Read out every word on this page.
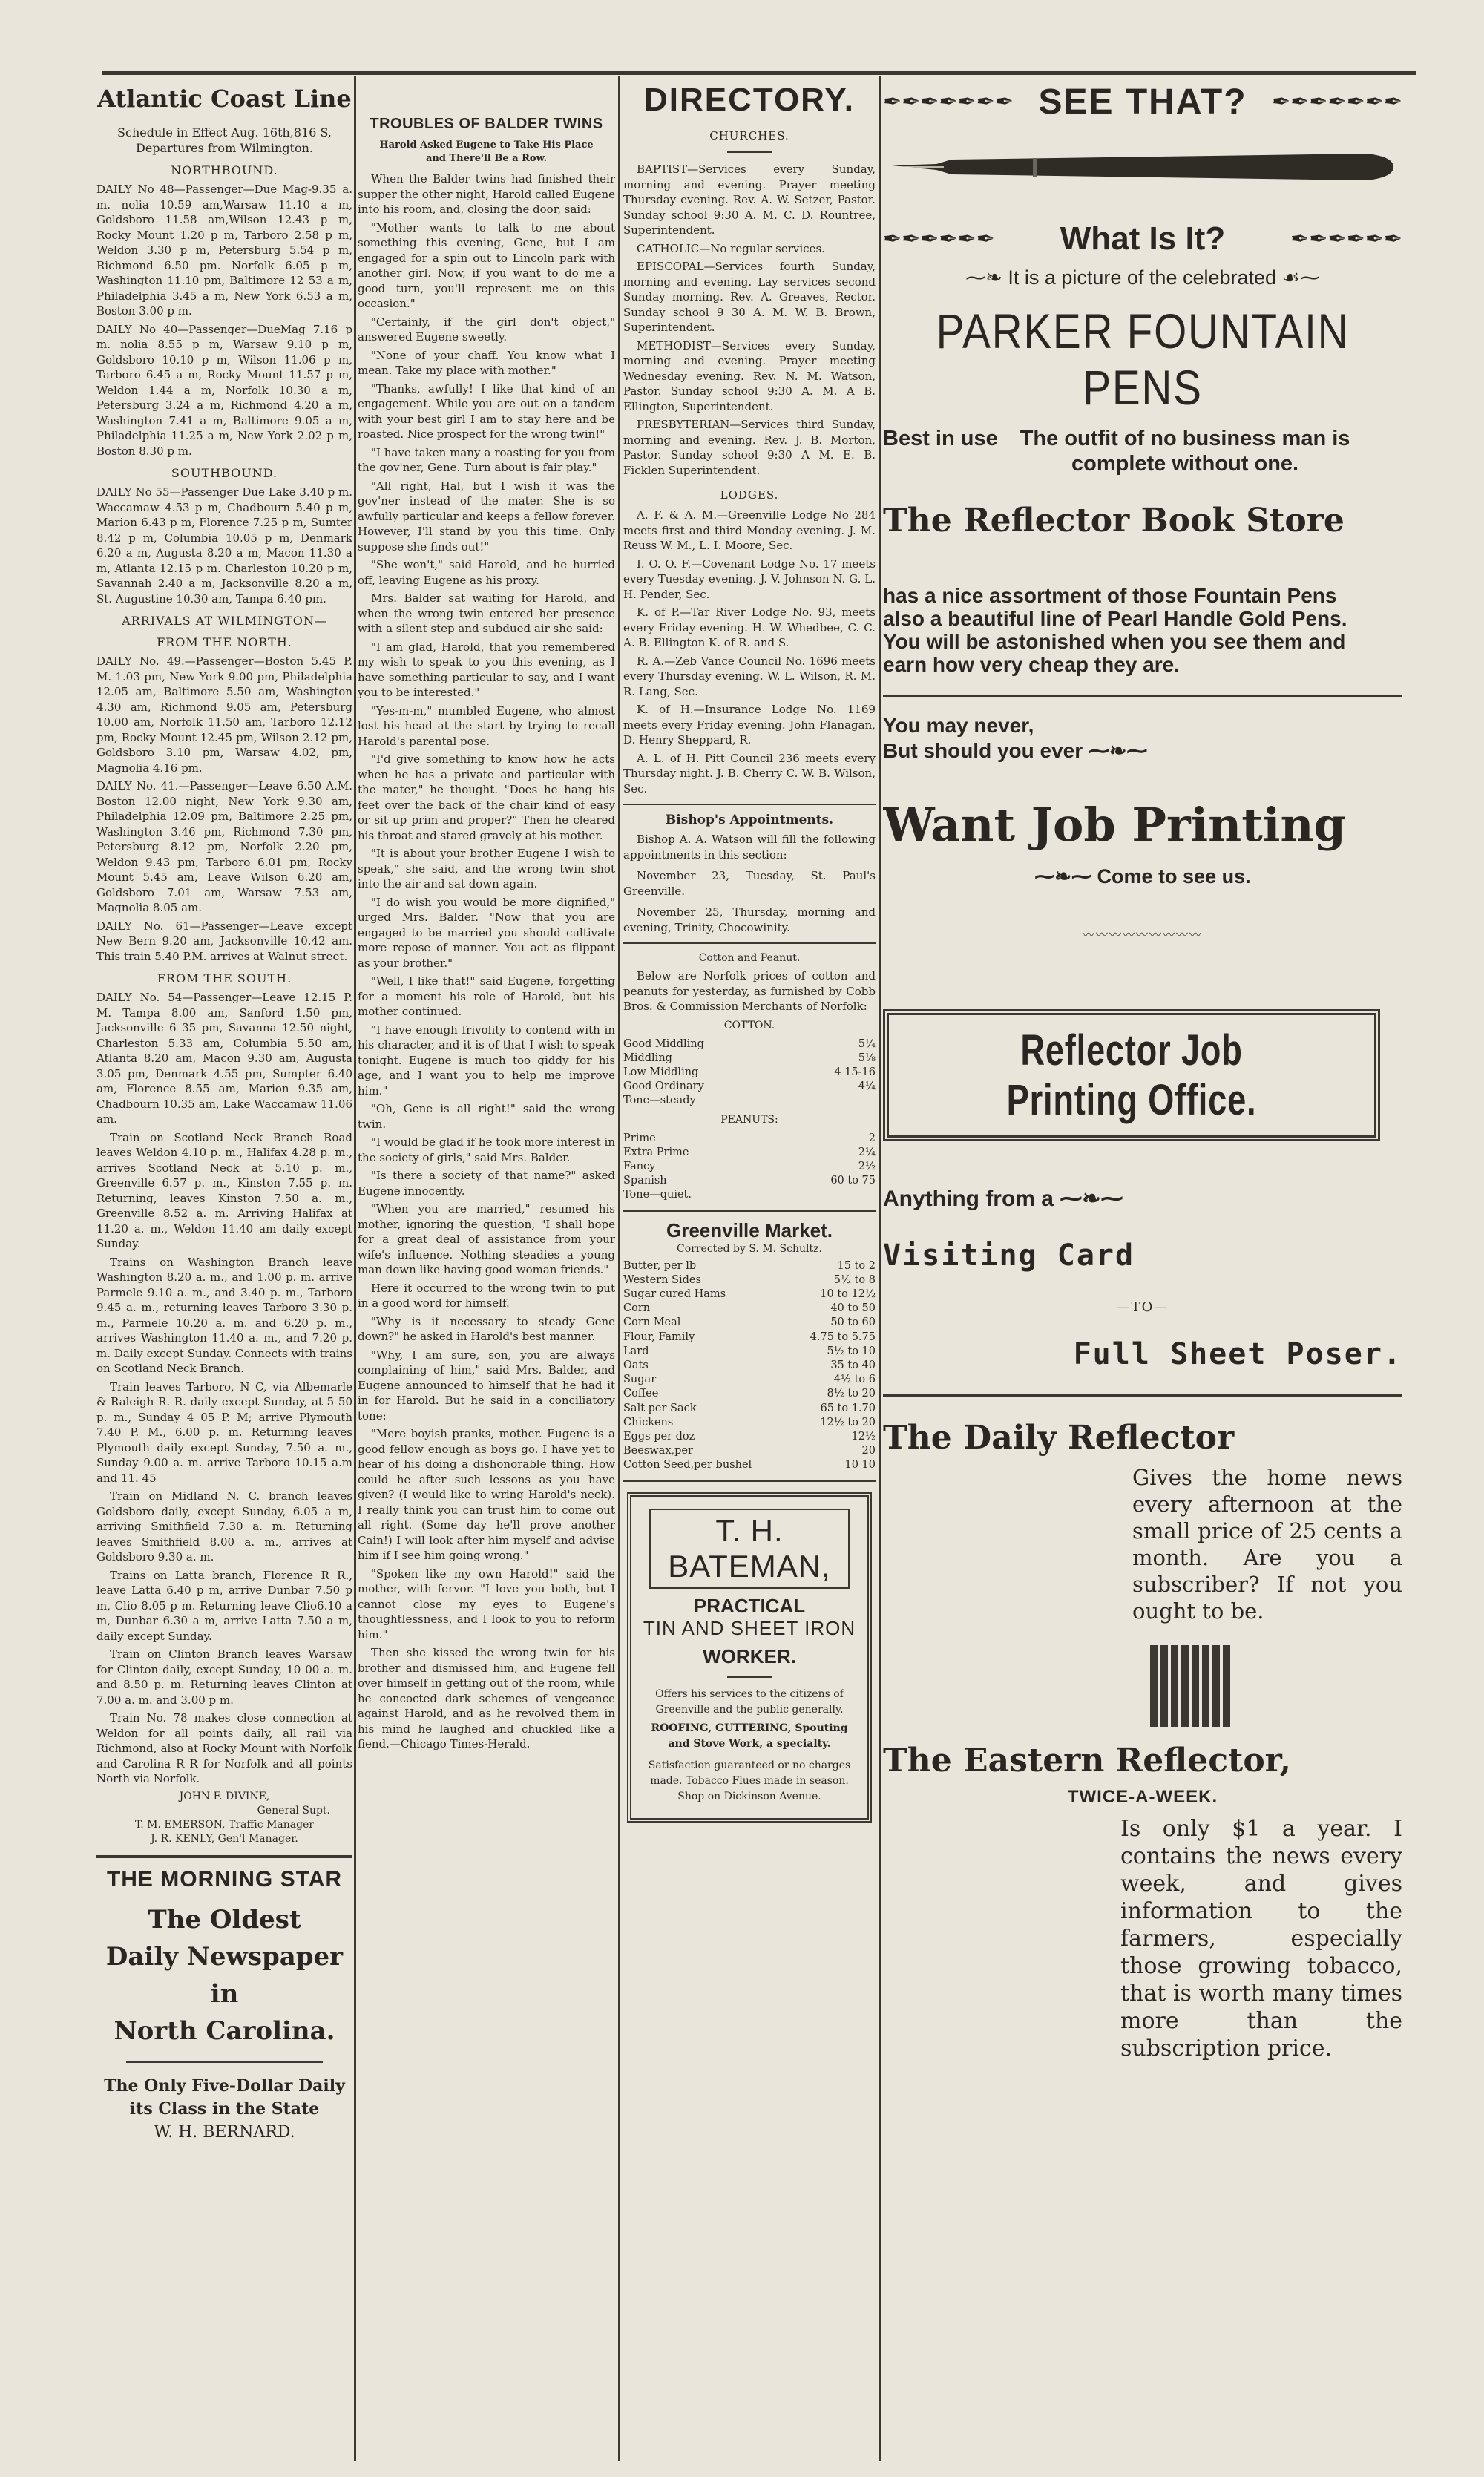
Atlantic Coast Line
Schedule in Effect Aug. 16th,816 S,
Departures from Wilmington.
NORTHBOUND.

DAILY No 48—Passenger—Due Mag-9.35 a. m. nolia 10.59 am,Warsaw 11.10 a m, Goldsboro 11.58 am,Wilson 12.43 p m, Rocky Mount 1.20 p m, Tarboro 2.58 p m, Weldon 3.30 p m, Petersburg 5.54 p m, Richmond 6.50 pm. Norfolk 6.05 p m, Washington 11.10 pm, Baltimore 12 53 a m, Philadelphia 3.45 a m, New York 6.53 a m, Boston 3.00 p m.

DAILY No 40—Passenger—DueMag 7.16 p m. nolia 8.55 p m, Warsaw 9.10 p m, Goldsboro 10.10 p m, Wilson 11.06 p m, Tarboro 6.45 a m, Rocky Mount 11.57 p m, Weldon 1.44 a m, Norfolk 10.30 a m, Petersburg 3.24 a m, Richmond 4.20 a m, Washington 7.41 a m, Baltimore 9.05 a m, Philadelphia 11.25 a m, New York 2.02 p m, Boston 8.30 p m.

SOUTHBOUND.

DAILY No 55—Passenger Due Lake 3.40 p m. Waccamaw 4.53 p m, Chadbourn 5.40 p m, Marion 6.43 p m, Florence 7.25 p m, Sumter 8.42 p m, Columbia 10.05 p m, Denmark 6.20 a m, Augusta 8.20 a m, Macon 11.30 a m, Atlanta 12.15 p m. Charleston 10.20 p m, Savannah 2.40 a m, Jacksonville 8.20 a m, St. Augustine 10.30 am, Tampa 6.40 pm.

ARRIVALS AT WILMINGTON—
FROM THE NORTH.

DAILY No. 49.—Passenger—Boston 5.45 P. M. 1.03 pm, New York 9.00 pm, Philadelphia 12.05 am, Baltimore 5.50 am, Washington 4.30 am, Richmond 9.05 am, Petersburg 10.00 am, Norfolk 11.50 am, Tarboro 12.12 pm, Rocky Mount 12.45 pm, Wilson 2.12 pm, Goldsboro 3.10 pm, Warsaw 4.02, pm, Magnolia 4.16 pm.

DAILY No. 41.—Passenger—Leave 6.50 A.M. Boston 12.00 night, New York 9.30 am, Philadelphia 12.09 pm, Baltimore 2.25 pm, Washington 3.46 pm, Richmond 7.30 pm, Petersburg 8.12 pm, Norfolk 2.20 pm, Weldon 9.43 pm, Tarboro 6.01 pm, Rocky Mount 5.45 am, Leave Wilson 6.20 am, Goldsboro 7.01 am, Warsaw 7.53 am, Magnolia 8.05 am.

DAILY No. 61—Passenger—Leave except New Bern 9.20 am, Jacksonville 10.42 am. This train 5.40 P.M. arrives at Walnut street.

FROM THE SOUTH.

DAILY No. 54—Passenger—Leave 12.15 P. M. Tampa 8.00 am, Sanford 1.50 pm, Jacksonville 6 35 pm, Savanna 12.50 night, Charleston 5.33 am, Columbia 5.50 am, Atlanta 8.20 am, Macon 9.30 am, Augusta 3.05 pm, Denmark 4.55 pm, Sumpter 6.40 am, Florence 8.55 am, Marion 9.35 am, Chadbourn 10.35 am, Lake Waccamaw 11.06 am.

Train on Scotland Neck Branch Road leaves Weldon 4.10 p. m., Halifax 4.28 p. m., arrives Scotland Neck at 5.10 p. m., Greenville 6.57 p. m., Kinston 7.55 p. m. Returning, leaves Kinston 7.50 a. m., Greenville 8.52 a. m. Arriving Halifax at 11.20 a. m., Weldon 11.40 am daily except Sunday.

Trains on Washington Branch leave Washington 8.20 a. m., and 1.00 p. m. arrive Parmele 9.10 a. m., and 3.40 p. m., Tarboro 9.45 a. m., returning leaves Tarboro 3.30 p. m., Parmele 10.20 a. m. and 6.20 p. m., arrives Washington 11.40 a. m., and 7.20 p. m. Daily except Sunday. Connects with trains on Scotland Neck Branch.

Train leaves Tarboro, N C, via Albemarle & Raleigh R. R. daily except Sunday, at 5 50 p. m., Sunday 4 05 P. M; arrive Plymouth 7.40 P. M., 6.00 p. m. Returning leaves Plymouth daily except Sunday, 7.50 a. m., Sunday 9.00 a. m. arrive Tarboro 10.15 a.m and 11. 45

Train on Midland N. C. branch leaves Goldsboro daily, except Sunday, 6.05 a m, arriving Smithfield 7.30 a. m. Returning leaves Smithfield 8.00 a. m., arrives at Goldsboro 9.30 a. m.

Trains on Latta branch, Florence R R., leave Latta 6.40 p m, arrive Dunbar 7.50 p m, Clio 8.05 p m. Returning leave Clio6.10 a m, Dunbar 6.30 a m, arrive Latta 7.50 a m, daily except Sunday.

Train on Clinton Branch leaves Warsaw for Clinton daily, except Sunday, 10 00 a. m. and 8.50 p. m. Returning leaves Clinton at 7.00 a. m. and 3.00 p m.

Train No. 78 makes close connection at Weldon for all points daily, all rail via Richmond, also at Rocky Mount with Norfolk and Carolina R R for Norfolk and all points North via Norfolk.

JOHN F. DIVINE,
General Supt.
T. M. EMERSON, Traffic Manager
J. R. KENLY, Gen'l Manager.
THE MORNING STAR
The Oldest
Daily Newspaper in
North Carolina.
The Only Five-Dollar Daily
its Class in the State
W. H. BERNARD.
TROUBLES OF BALDER TWINS
Harold Asked Eugene to Take His Place
and There'll Be a Row.

When the Balder twins had finished their supper the other night, Harold called Eugene into his room, and, closing the door, said:

"Mother wants to talk to me about something this evening, Gene, but I am engaged for a spin out to Lincoln park with another girl. Now, if you want to do me a good turn, you'll represent me on this occasion."

"Certainly, if the girl don't object," answered Eugene sweetly.

"None of your chaff. You know what I mean. Take my place with mother."

"Thanks, awfully! I like that kind of an engagement. While you are out on a tandem with your best girl I am to stay here and be roasted. Nice prospect for the wrong twin!"

"I have taken many a roasting for you from the gov'ner, Gene. Turn about is fair play."

"All right, Hal, but I wish it was the gov'ner instead of the mater. She is so awfully particular and keeps a fellow forever. However, I'll stand by you this time. Only suppose she finds out!"

"She won't," said Harold, and he hurried off, leaving Eugene as his proxy.

Mrs. Balder sat waiting for Harold, and when the wrong twin entered her presence with a silent step and subdued air she said:

"I am glad, Harold, that you remembered my wish to speak to you this evening, as I have something particular to say, and I want you to be interested."

"Yes-m-m," mumbled Eugene, who almost lost his head at the start by trying to recall Harold's parental pose.

"I'd give something to know how he acts when he has a private and particular with the mater," he thought. "Does he hang his feet over the back of the chair kind of easy or sit up prim and proper?" Then he cleared his throat and stared gravely at his mother.

"It is about your brother Eugene I wish to speak," she said, and the wrong twin shot into the air and sat down again.

"I do wish you would be more dignified," urged Mrs. Balder. "Now that you are engaged to be married you should cultivate more repose of manner. You act as flippant as your brother."

"Well, I like that!" said Eugene, forgetting for a moment his role of Harold, but his mother continued.

"I have enough frivolity to contend with in his character, and it is of that I wish to speak tonight. Eugene is much too giddy for his age, and I want you to help me improve him."

"Oh, Gene is all right!" said the wrong twin.

"I would be glad if he took more interest in the society of girls," said Mrs. Balder.

"Is there a society of that name?" asked Eugene innocently.

"When you are married," resumed his mother, ignoring the question, "I shall hope for a great deal of assistance from your wife's influence. Nothing steadies a young man down like having good woman friends."

Here it occurred to the wrong twin to put in a good word for himself.

"Why is it necessary to steady Gene down?" he asked in Harold's best manner.

"Why, I am sure, son, you are always complaining of him," said Mrs. Balder, and Eugene announced to himself that he had it in for Harold. But he said in a conciliatory tone:

"Mere boyish pranks, mother. Eugene is a good fellow enough as boys go. I have yet to hear of his doing a dishonorable thing. How could he after such lessons as you have given? (I would like to wring Harold's neck). I really think you can trust him to come out all right. (Some day he'll prove another Cain!) I will look after him myself and advise him if I see him going wrong."

"Spoken like my own Harold!" said the mother, with fervor. "I love you both, but I cannot close my eyes to Eugene's thoughtlessness, and I look to you to reform him."

Then she kissed the wrong twin for his brother and dismissed him, and Eugene fell over himself in getting out of the room, while he concocted dark schemes of vengeance against Harold, and as he revolved them in his mind he laughed and chuckled like a fiend.—Chicago Times-Herald.

DIRECTORY.
CHURCHES.

BAPTIST—Services every Sunday, morning and evening. Prayer meeting Thursday evening. Rev. A. W. Setzer, Pastor. Sunday school 9:30 A. M. C. D. Rountree, Superintendent.

CATHOLIC—No regular services.

EPISCOPAL—Services fourth Sunday, morning and evening. Lay services second Sunday morning. Rev. A. Greaves, Rector. Sunday school 9 30 A. M. W. B. Brown, Superintendent.

METHODIST—Services every Sunday, morning and evening. Prayer meeting Wednesday evening. Rev. N. M. Watson, Pastor. Sunday school 9:30 A. M. A B. Ellington, Superintendent.

PRESBYTERIAN—Services third Sunday, morning and evening. Rev. J. B. Morton, Pastor. Sunday school 9:30 A M. E. B. Ficklen Superintendent.

LODGES.

A. F. & A. M.—Greenville Lodge No 284 meets first and third Monday evening. J. M. Reuss W. M., L. I. Moore, Sec.

I. O. O. F.—Covenant Lodge No. 17 meets every Tuesday evening. J. V. Johnson N. G. L. H. Pender, Sec.

K. of P.—Tar River Lodge No. 93, meets every Friday evening. H. W. Whedbee, C. C. A. B. Ellington K. of R. and S.

R. A.—Zeb Vance Council No. 1696 meets every Thursday evening. W. L. Wilson, R. M. R. Lang, Sec.

K. of H.—Insurance Lodge No. 1169 meets every Friday evening. John Flanagan, D. Henry Sheppard, R.

A. L. of H. Pitt Council 236 meets every Thursday night. J. B. Cherry C. W. B. Wilson, Sec.

Bishop's Appointments.

Bishop A. A. Watson will fill the following appointments in this section:

November 23, Tuesday, St. Paul's Greenville.

November 25, Thursday, morning and evening, Trinity, Chocowinity.

Cotton and Peanut.

Below are Norfolk prices of cotton and peanuts for yesterday, as furnished by Cobb Bros. & Commission Merchants of Norfolk:

COTTON.
Good Middling	5¼
Middling	5⅛
Low Middling	4 15-16
Good Ordinary	4¼
Tone—steady	
PEANUTS:
Prime	2
Extra Prime	2¼
Fancy	2½
Spanish	60 to 75
Tone—quiet.	
Greenville Market.
Corrected by S. M. Schultz.
Butter, per lb	15 to 2
Western Sides	5½ to 8
Sugar cured Hams	10 to 12½
Corn	40 to 50
Corn Meal	50 to 60
Flour, Family	4.75 to 5.75
Lard	5½ to 10
Oats	35 to 40
Sugar	4½ to 6
Coffee	8½ to 20
Salt per Sack	65 to 1.70
Chickens	12½ to 20
Eggs per doz	12½
Beeswax,per	20
Cotton Seed,per bushel	10 10
T. H. BATEMAN,
PRACTICAL
TIN AND SHEET IRON
WORKER.

Offers his services to the citizens of Greenville and the public generally.

ROOFING, GUTTERING, Spouting and Stove Work, a specialty.

Satisfaction guaranteed or no charges made. Tobacco Flues made in season. Shop on Dickinson Avenue.

✒✒✒✒✒✒✒ SEE THAT? ✒✒✒✒✒✒✒
✒✒✒✒✒✒ What Is It?	✒✒✒✒✒✒
⁓❧ It is a picture of the celebrated ☙⁓
PARKER FOUNTAIN PENS
Best in use The outfit of no business man is
complete without one.
The Reflector Book Store
has a nice assortment of those Fountain Pens
also a beautiful line of Pearl Handle Gold Pens.
You will be astonished when you see them and
earn how very cheap they are.
You may never,
But should you ever ⁓❧⁓
Want Job Printing
⁓❧⁓ Come to see us.
〰〰〰〰〰〰〰〰〰
Reflector Job Printing Office.
Anything from a ⁓❧⁓
Visiting Card
—TO—
Full Sheet Poser.
The Daily Reflector
Gives the home news every afternoon at the small price of 25 cents a month. Are you a subscriber? If not you ought to be.
The Eastern Reflector,
TWICE-A-WEEK.
Is only $1 a year. I contains the news every week, and gives information to the farmers, especially those growing tobacco, that is worth many times more than the subscription price.
